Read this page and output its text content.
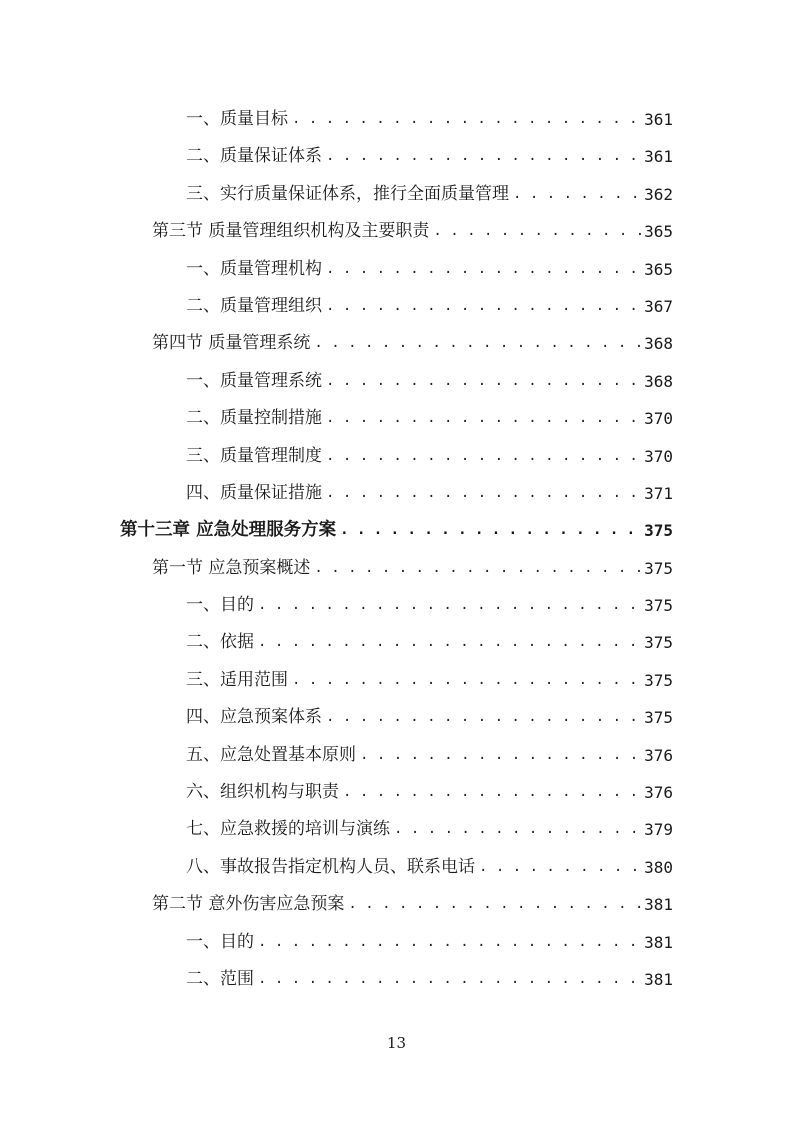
一、质量目标 . . .	361
二、质量保证体系 . . .	361
三、实行质量保证体系，推行全面质量管理 . . .	362
第三节 质量管理组织机构及主要职责 . . .	365
一、质量管理机构 . . .	365
二、质量管理组织 . . .	367
第四节 质量管理系统 . . .	368
一、质量管理系统 . . .	368
二、质量控制措施 . . .	370
三、质量管理制度 . . .	370
四、质量保证措施 . . .	371
第十三章 应急处理服务方案 . . .	375
第一节 应急预案概述 . . .	375
一、目的 . . .	375
二、依据 . . .	375
三、适用范围 . . .	375
四、应急预案体系 . . .	375
五、应急处置基本原则 . . .	376
六、组织机构与职责 . . .	376
七、应急救援的培训与演练 . . .	379
八、事故报告指定机构人员、联系电话 . . .	380
第二节 意外伤害应急预案 . . .	381
一、目的 . . .	381
二、范围 . . .	381
13
